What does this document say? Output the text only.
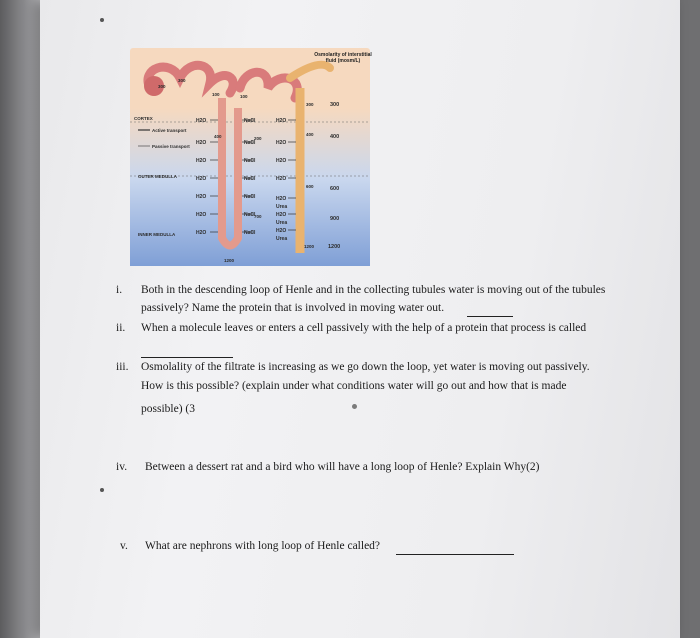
H2O
H2O
H2O
H2O
H2O
H2O
H2O
NaCl
NaCl
NaCl
NaCl
NaCl
NaCl
NaCl
H2O
H2O
H2O
H2O
H2O
Urea
H2O
Urea
H2O
Urea
CORTEX
OUTER MEDULLA
INNER MEDULLA
Active transport
Passive transport
300
300
100	100
300
200
400	400
600
700
1200
1200
300
400
600
900
1200
Osmolarity of interstitial fluid (mosm/L)
i. Both in the descending loop of Henle and in the collecting tubules water is moving out of the tubules
passively? Name the protein that is involved in moving water out.
ii. When a molecule leaves or enters a cell passively with the help of a protein that process is called
iii. Osmolality of the filtrate is increasing as we go down the loop, yet water is moving out passively.
How is this possible? (explain under what conditions water will go out and how that is made
possible) (3
iv. Between a dessert rat and a bird who will have a long loop of Henle? Explain Why(2)
v. What are nephrons with long loop of Henle called?
